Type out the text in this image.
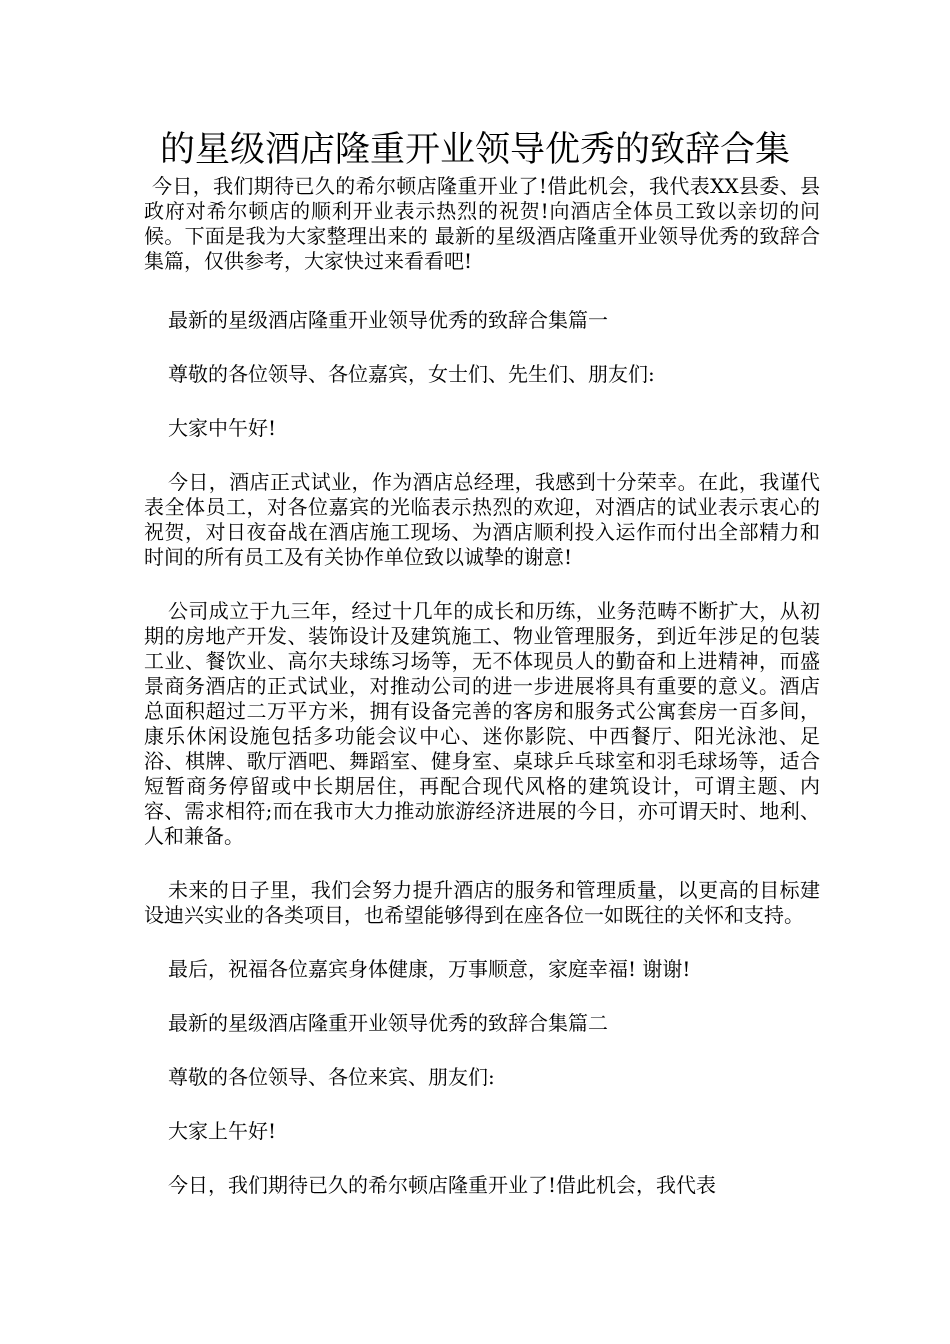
的星级酒店隆重开业领导优秀的致辞合集

今日，我们期待已久的希尔顿店隆重开业了!借此机会，我代表XX县委、县政府对希尔顿店的顺利开业表示热烈的祝贺!向酒店全体员工致以亲切的问候。下面是我为大家整理出来的 最新的星级酒店隆重开业领导优秀的致辞合集篇，仅供参考，大家快过来看看吧!

最新的星级酒店隆重开业领导优秀的致辞合集篇一

尊敬的各位领导、各位嘉宾，女士们、先生们、朋友们:

大家中午好!

今日，酒店正式试业，作为酒店总经理，我感到十分荣幸。在此，我谨代表全体员工，对各位嘉宾的光临表示热烈的欢迎，对酒店的试业表示衷心的祝贺，对日夜奋战在酒店施工现场、为酒店顺利投入运作而付出全部精力和时间的所有员工及有关协作单位致以诚挚的谢意!

公司成立于九三年，经过十几年的成长和历练，业务范畴不断扩大，从初期的房地产开发、装饰设计及建筑施工、物业管理服务，到近年涉足的包装工业、餐饮业、高尔夫球练习场等，无不体现员人的勤奋和上进精神，而盛景商务酒店的正式试业，对推动公司的进一步进展将具有重要的意义。酒店总面积超过二万平方米，拥有设备完善的客房和服务式公寓套房一百多间，康乐休闲设施包括多功能会议中心、迷你影院、中西餐厅、阳光泳池、足浴、棋牌、歌厅酒吧、舞蹈室、健身室、桌球乒乓球室和羽毛球场等，适合短暂商务停留或中长期居住，再配合现代风格的建筑设计，可谓主题、内容、需求相符;而在我市大力推动旅游经济进展的今日，亦可谓天时、地利、人和兼备。

未来的日子里，我们会努力提升酒店的服务和管理质量，以更高的目标建设迪兴实业的各类项目，也希望能够得到在座各位一如既往的关怀和支持。

最后，祝福各位嘉宾身体健康，万事顺意，家庭幸福! 谢谢!

最新的星级酒店隆重开业领导优秀的致辞合集篇二

尊敬的各位领导、各位来宾、朋友们:

大家上午好!

今日，我们期待已久的希尔顿店隆重开业了!借此机会，我代表
